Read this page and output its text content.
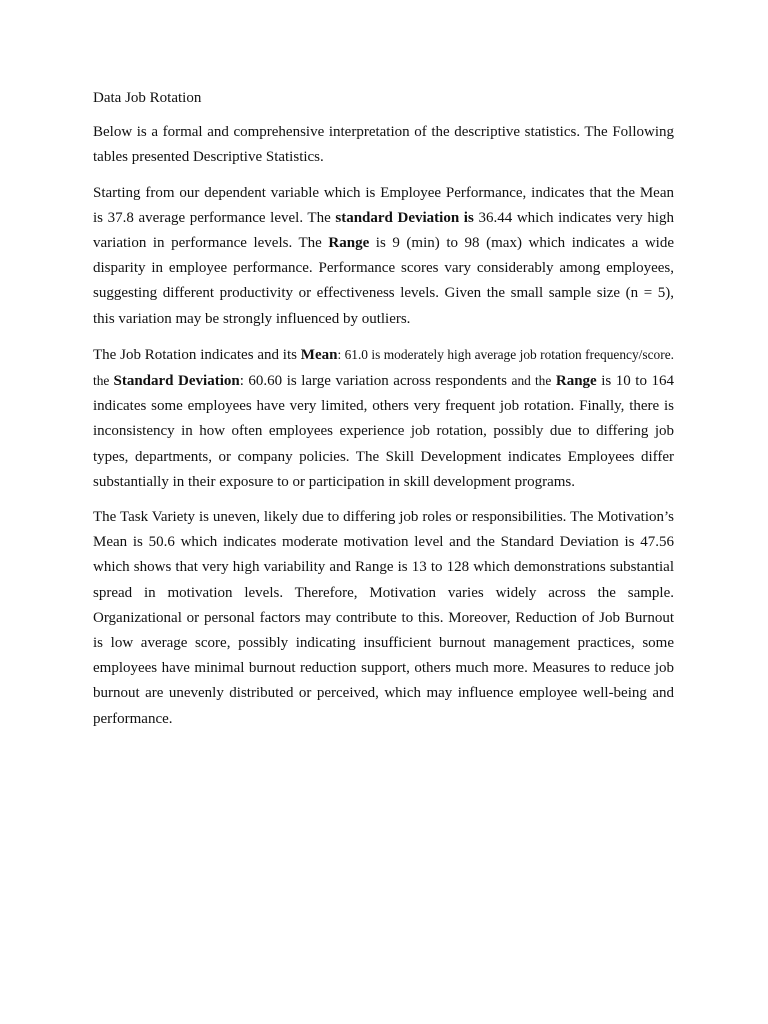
Data Job Rotation

Below is a formal and comprehensive interpretation of the descriptive statistics. The Following tables presented Descriptive Statistics.

Starting from our dependent variable which is Employee Performance, indicates that the Mean is 37.8 average performance level. The standard Deviation is 36.44 which indicates very high variation in performance levels. The Range is 9 (min) to 98 (max) which indicates a wide disparity in employee performance. Performance scores vary considerably among employees, suggesting different productivity or effectiveness levels. Given the small sample size (n = 5), this variation may be strongly influenced by outliers.

The Job Rotation indicates and its Mean: 61.0 is moderately high average job rotation frequency/score. the Standard Deviation: 60.60 is large variation across respondents and the Range is 10 to 164 indicates some employees have very limited, others very frequent job rotation. Finally, there is inconsistency in how often employees experience job rotation, possibly due to differing job types, departments, or company policies. The Skill Development indicates Employees differ substantially in their exposure to or participation in skill development programs.

The Task Variety is uneven, likely due to differing job roles or responsibilities. The Motivation’s Mean is 50.6 which indicates moderate motivation level and the Standard Deviation is 47.56 which shows that very high variability and Range is 13 to 128 which demonstrations substantial spread in motivation levels. Therefore, Motivation varies widely across the sample. Organizational or personal factors may contribute to this. Moreover, Reduction of Job Burnout is low average score, possibly indicating insufficient burnout management practices, some employees have minimal burnout reduction support, others much more. Measures to reduce job burnout are unevenly distributed or perceived, which may influence employee well-being and performance.
